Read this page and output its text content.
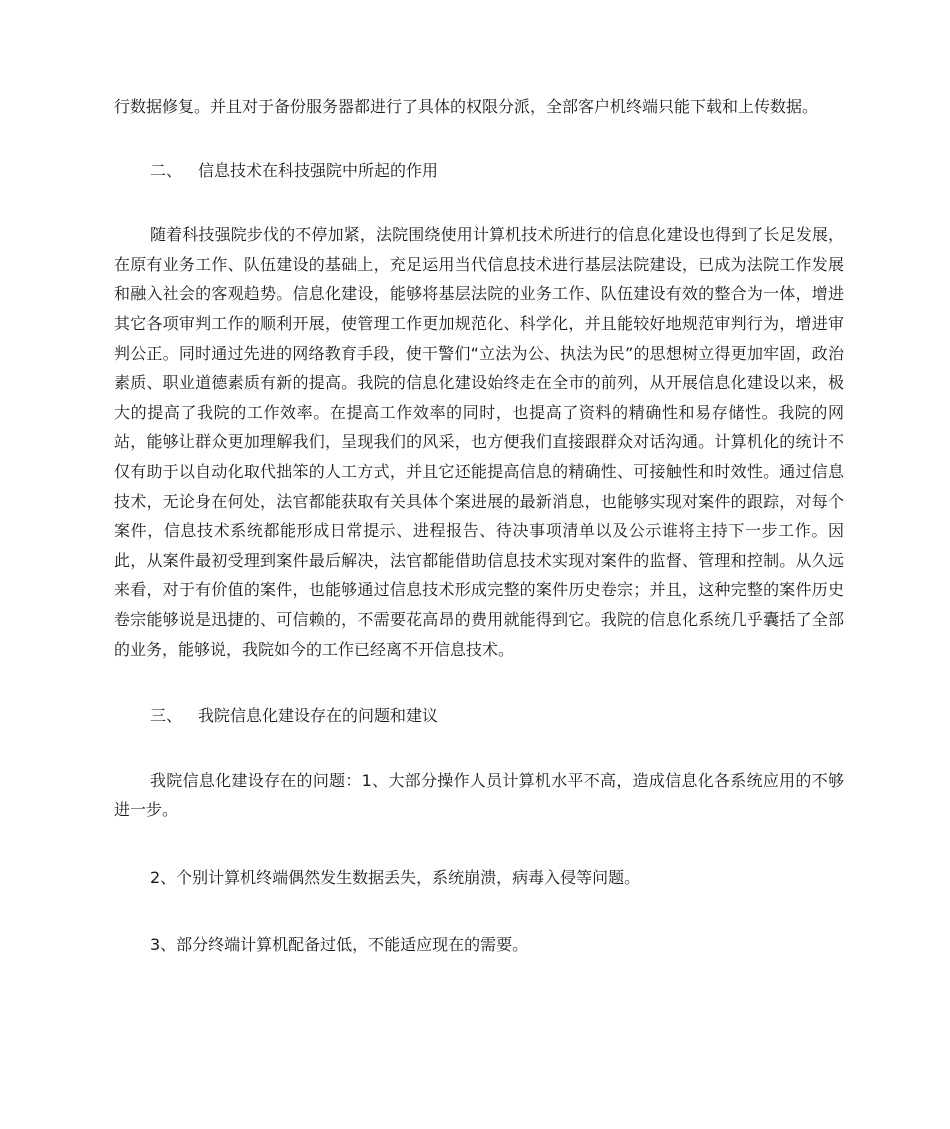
行数据修复。并且对于备份服务器都进行了具体的权限分派，全部客户机终端只能下载和上传数据。

二、 信息技术在科技强院中所起的作用

随着科技强院步伐的不停加紧，法院围绕使用计算机技术所进行的信息化建设也得到了长足发展，在原有业务工作、队伍建设的基础上，充足运用当代信息技术进行基层法院建设，已成为法院工作发展和融入社会的客观趋势。信息化建设，能够将基层法院的业务工作、队伍建设有效的整合为一体，增进其它各项审判工作的顺利开展，使管理工作更加规范化、科学化，并且能较好地规范审判行为，增进审判公正。同时通过先进的网络教育手段，使干警们“立法为公、执法为民”的思想树立得更加牢固，政治素质、职业道德素质有新的提高。我院的信息化建设始终走在全市的前列，从开展信息化建设以来，极大的提高了我院的工作效率。在提高工作效率的同时，也提高了资料的精确性和易存储性。我院的网站，能够让群众更加理解我们，呈现我们的风采，也方便我们直接跟群众对话沟通。计算机化的统计不仅有助于以自动化取代拙笨的人工方式，并且它还能提高信息的精确性、可接触性和时效性。通过信息技术，无论身在何处，法官都能获取有关具体个案进展的最新消息，也能够实现对案件的跟踪，对每个案件，信息技术系统都能形成日常提示、进程报告、待决事项清单以及公示谁将主持下一步工作。因此，从案件最初受理到案件最后解决，法官都能借助信息技术实现对案件的监督、管理和控制。从久远来看，对于有价值的案件，也能够通过信息技术形成完整的案件历史卷宗；并且，这种完整的案件历史卷宗能够说是迅捷的、可信赖的，不需要花高昂的费用就能得到它。我院的信息化系统几乎囊括了全部的业务，能够说，我院如今的工作已经离不开信息技术。

三、 我院信息化建设存在的问题和建议

我院信息化建设存在的问题：1、大部分操作人员计算机水平不高，造成信息化各系统应用的不够进一步。

2、个别计算机终端偶然发生数据丢失，系统崩溃，病毒入侵等问题。

3、部分终端计算机配备过低，不能适应现在的需要。
